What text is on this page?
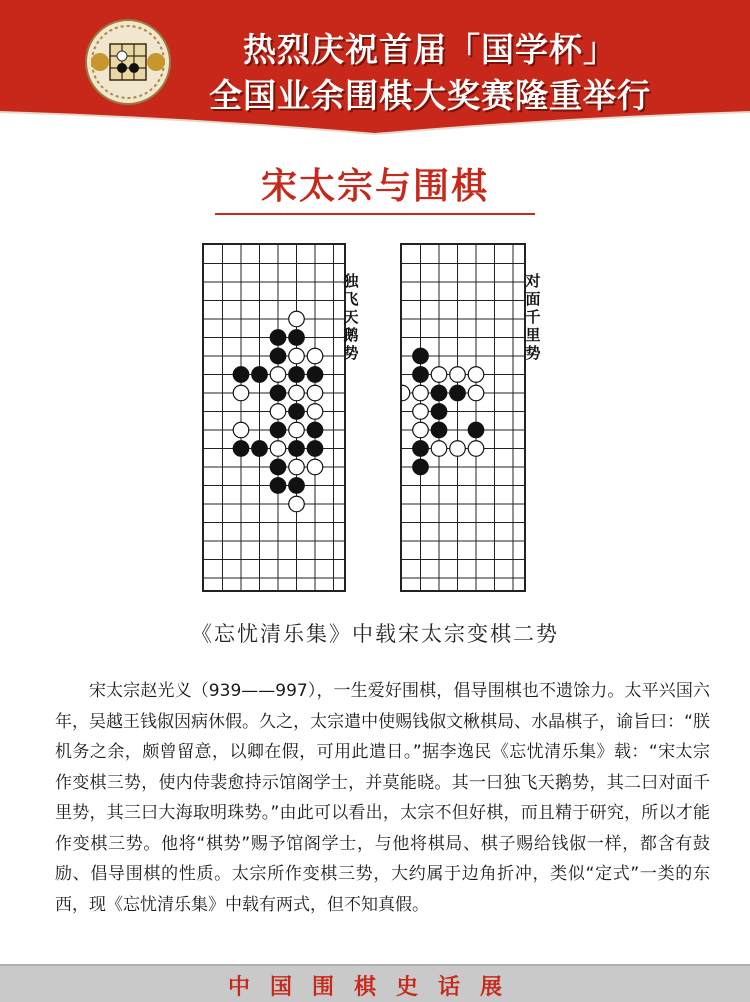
热烈庆祝首届「国学杯」
全国业余围棋大奖赛隆重举行
宋太宗与围棋
独飞天鹅势
对面千里势
《忘忧清乐集》中载宋太宗变棋二势

宋太宗赵光义（939——997），一生爱好围棋，倡导围棋也不遗馀力。太平兴国六年，吴越王钱俶因病休假。久之，太宗遣中使赐钱俶文楸棋局、水晶棋子，谕旨曰：“朕机务之余，颇曾留意，以卿在假，可用此遣日。”据李逸民《忘忧清乐集》载：“宋太宗作变棋三势，使内侍裴愈持示馆阁学士，并莫能晓。其一曰独飞天鹅势，其二曰对面千里势，其三曰大海取明珠势。”由此可以看出，太宗不但好棋，而且精于研究，所以才能作变棋三势。他将“棋势”赐予馆阁学士，与他将棋局、棋子赐给钱俶一样，都含有鼓励、倡导围棋的性质。太宗所作变棋三势，大约属于边角折冲，类似“定式”一类的东西，现《忘忧清乐集》中载有两式，但不知真假。

中国围棋史话展
